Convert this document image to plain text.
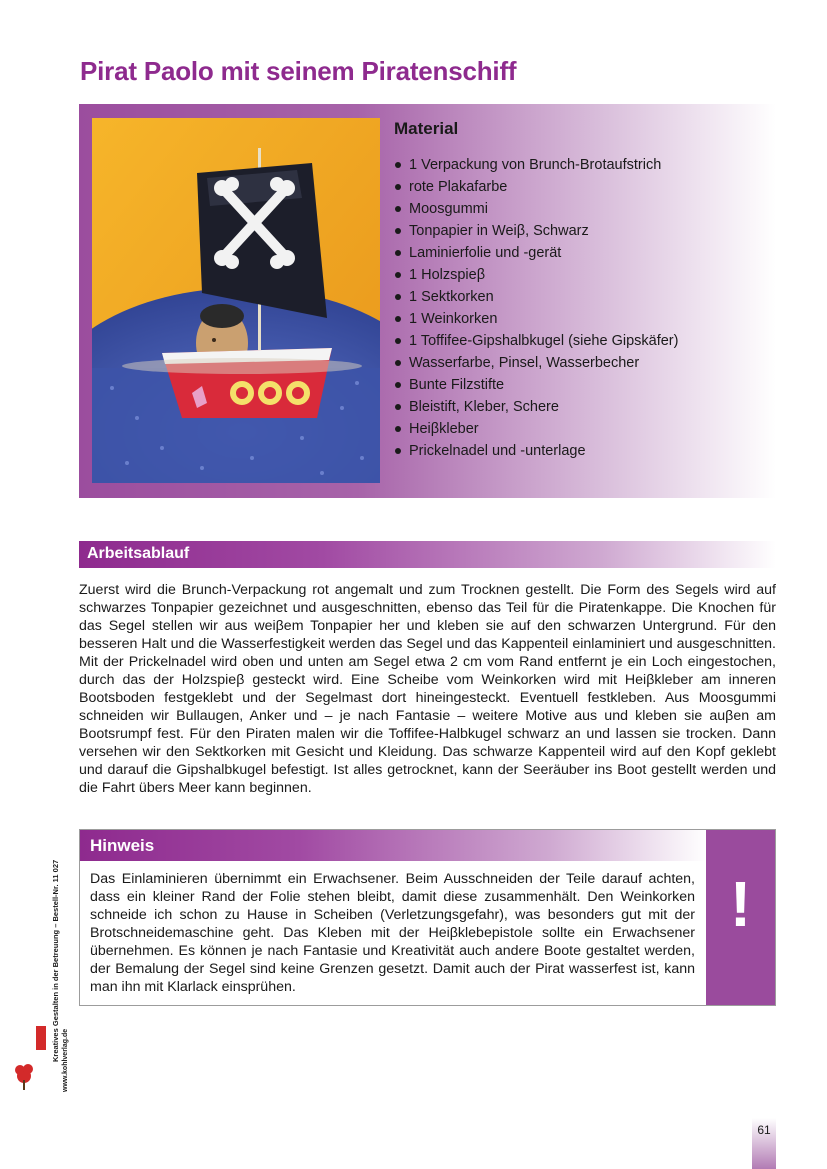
Pirat Paolo mit seinem Piratenschiff
Material
1 Verpackung von Brunch-Brotaufstrich
rote Plakafarbe
Moosgummi
Tonpapier in Weiβ, Schwarz
Laminierfolie und -gerät
1 Holzspieβ
1 Sektkorken
1 Weinkorken
1 Toffifee-Gipshalbkugel (siehe Gipskäfer)
Wasserfarbe, Pinsel, Wasserbecher
Bunte Filzstifte
Bleistift, Kleber, Schere
Heiβkleber
Prickelnadel und -unterlage
Arbeitsablauf
Zuerst wird die Brunch-Verpackung rot angemalt und zum Trocknen gestellt. Die Form des Segels wird auf schwarzes Tonpapier gezeichnet und ausgeschnitten, ebenso das Teil für die Piratenkappe. Die Knochen für das Segel stellen wir aus weiβem Tonpapier her und kleben sie auf den schwarzen Untergrund. Für den besseren Halt und die Wasserfestigkeit werden das Segel und das Kappenteil einlaminiert und ausgeschnitten. Mit der Prickelnadel wird oben und unten am Segel etwa 2 cm vom Rand entfernt je ein Loch eingestochen, durch das der Holzspieβ gesteckt wird. Eine Scheibe vom Weinkorken wird mit Heiβkleber am inneren Bootsboden festgeklebt und der Segelmast dort hineingesteckt. Eventuell festkleben. Aus Moosgummi schneiden wir Bullaugen, Anker und – je nach Fantasie – weitere Motive aus und kleben sie auβen am Bootsrumpf fest. Für den Piraten malen wir die Toffifee-Halbkugel schwarz an und lassen sie trocken. Dann versehen wir den Sektkorken mit Gesicht und Kleidung. Das schwarze Kappenteil wird auf den Kopf geklebt und darauf die Gipshalbkugel befestigt. Ist alles getrocknet, kann der Seeräuber ins Boot gestellt werden und die Fahrt übers Meer kann beginnen.
Hinweis
Das Einlaminieren übernimmt ein Erwachsener. Beim Ausschneiden der Teile darauf achten, dass ein kleiner Rand der Folie stehen bleibt, damit diese zusammenhält. Den Weinkorken schneide ich schon zu Hause in Scheiben (Verletzungsgefahr), was besonders gut mit der Brotschneidemaschine geht. Das Kleben mit der Heiβklebepistole sollte ein Erwachsener übernehmen. Es können je nach Fantasie und Kreativität auch andere Boote gestaltet werden, der Bemalung der Segel sind keine Grenzen gesetzt. Damit auch der Pirat wasserfest ist, kann man ihn mit Klarlack einsprühen.
!
Kreatives Gestalten in der Betreuung – Bestell-Nr. 11 027 www.kohlverlag.de
61
